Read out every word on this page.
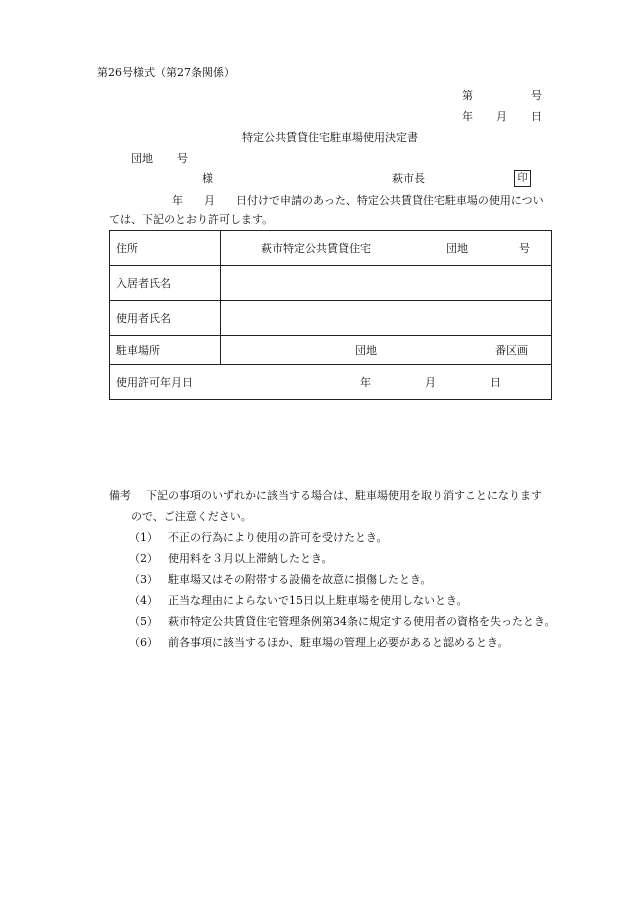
第26号様式（第27条関係）
第	号
年 月 日
特定公共賃貸住宅駐車場使用決定書
団地 号
様	萩市長	印
年 月 日付けで申請のあった、特定公共賃貸住宅駐車場の使用につい
ては、下記のとおり許可します。
住所	萩市特定公共賃貸住宅 団地 号

入居者氏名	

使用者氏名	

駐車場所	団地 番区画

使用許可年月日 年 月 日	
備考 下記の事項のいずれかに該当する場合は、駐車場使用を取り消すことになります
ので、ご注意ください。
（1） 不正の行為により使用の許可を受けたとき。
（2） 使用料を３月以上滞納したとき。
（3） 駐車場又はその附帯する設備を故意に損傷したとき。
（4） 正当な理由によらないで15日以上駐車場を使用しないとき。
（5） 萩市特定公共賃貸住宅管理条例第34条に規定する使用者の資格を失ったとき。
（6） 前各事項に該当するほか、駐車場の管理上必要があると認めるとき。
